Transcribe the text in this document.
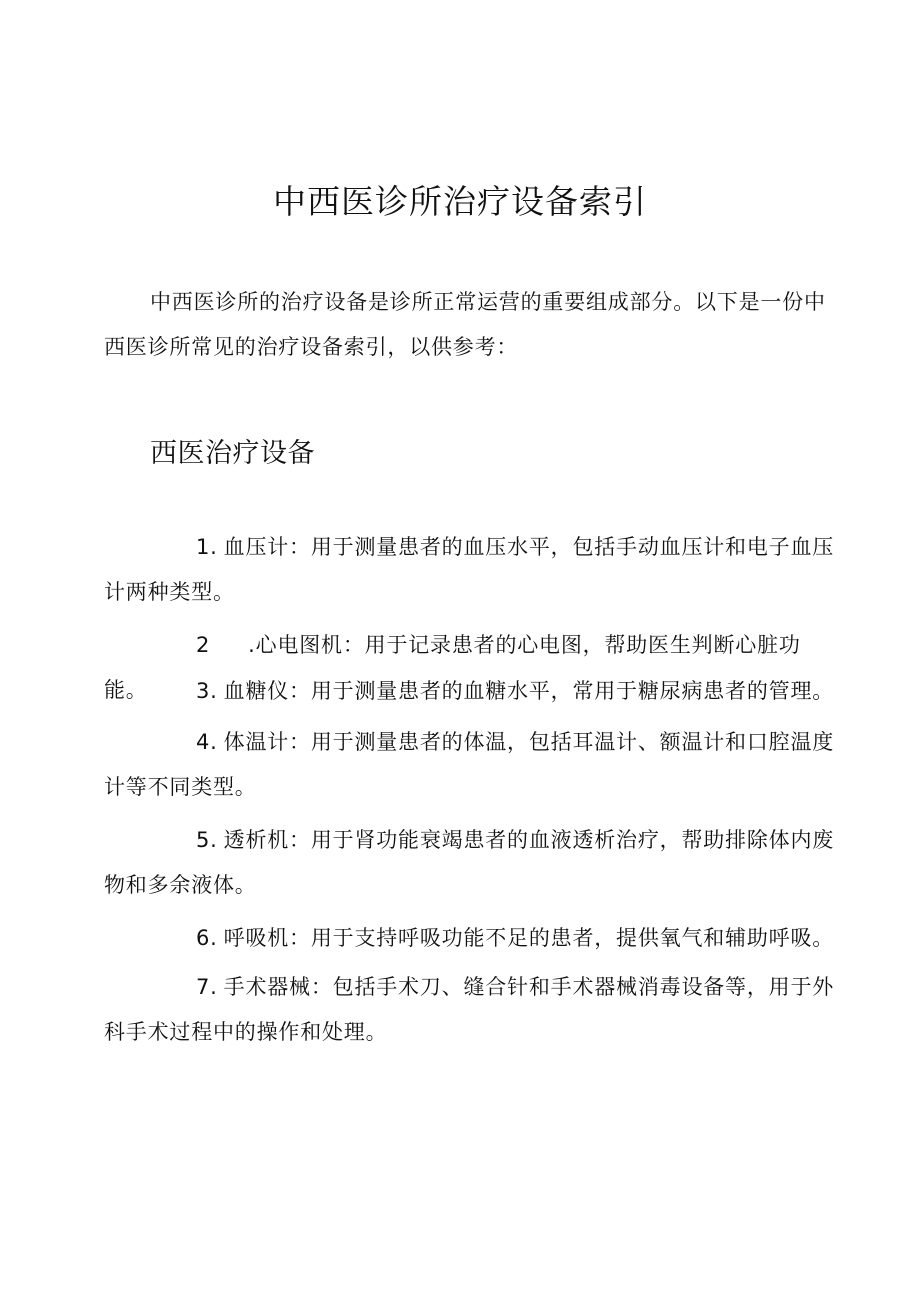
中西医诊所治疗设备索引
中西医诊所的治疗设备是诊所正常运营的重要组成部分。以下是一份中西医诊所常见的治疗设备索引，以供参考：
西医治疗设备
1. 血压计：用于测量患者的血压水平，包括手动血压计和电子血压计两种类型。
2 .心电图机：用于记录患者的心电图，帮助医生判断心脏功能。	3. 血糖仪：用于测量患者的血糖水平，常用于糖尿病患者的管理。
4. 体温计：用于测量患者的体温，包括耳温计、额温计和口腔温度计等不同类型。
5. 透析机：用于肾功能衰竭患者的血液透析治疗，帮助排除体内废物和多余液体。
6. 呼吸机：用于支持呼吸功能不足的患者，提供氧气和辅助呼吸。
7. 手术器械：包括手术刀、缝合针和手术器械消毒设备等，用于外科手术过程中的操作和处理。
